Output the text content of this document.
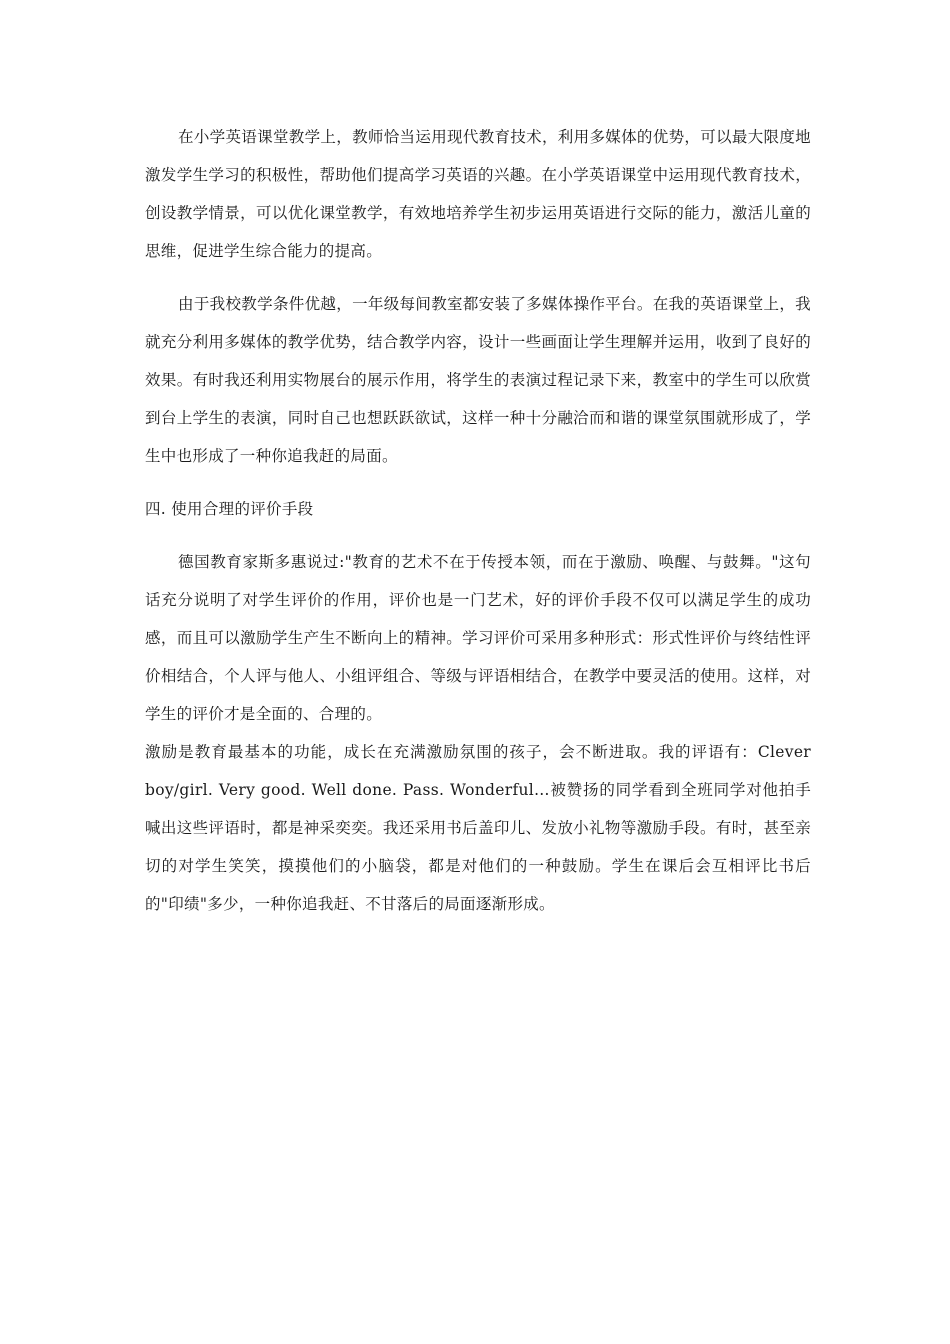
在小学英语课堂教学上，教师恰当运用现代教育技术，利用多媒体的优势，可以最大限度地激发学生学习的积极性，帮助他们提高学习英语的兴趣。在小学英语课堂中运用现代教育技术，创设教学情景，可以优化课堂教学，有效地培养学生初步运用英语进行交际的能力，激活儿童的思维，促进学生综合能力的提高。

由于我校教学条件优越，一年级每间教室都安装了多媒体操作平台。在我的英语课堂上，我就充分利用多媒体的教学优势，结合教学内容，设计一些画面让学生理解并运用，收到了良好的效果。有时我还利用实物展台的展示作用，将学生的表演过程记录下来，教室中的学生可以欣赏到台上学生的表演，同时自己也想跃跃欲试，这样一种十分融洽而和谐的课堂氛围就形成了，学生中也形成了一种你追我赶的局面。

四. 使用合理的评价手段

德国教育家斯多惠说过:"教育的艺术不在于传授本领，而在于激励、唤醒、与鼓舞。"这句话充分说明了对学生评价的作用，评价也是一门艺术，好的评价手段不仅可以满足学生的成功感，而且可以激励学生产生不断向上的精神。学习评价可采用多种形式：形式性评价与终结性评价相结合，个人评与他人、小组评组合、等级与评语相结合，在教学中要灵活的使用。这样，对学生的评价才是全面的、合理的。

激励是教育最基本的功能，成长在充满激励氛围的孩子，会不断进取。我的评语有：Clever boy/girl. Very good. Well done. Pass. Wonderful…被赞扬的同学看到全班同学对他拍手喊出这些评语时，都是神采奕奕。我还采用书后盖印儿、发放小礼物等激励手段。有时，甚至亲切的对学生笑笑，摸摸他们的小脑袋，都是对他们的一种鼓励。学生在课后会互相评比书后的"印绩"多少，一种你追我赶、不甘落后的局面逐渐形成。
